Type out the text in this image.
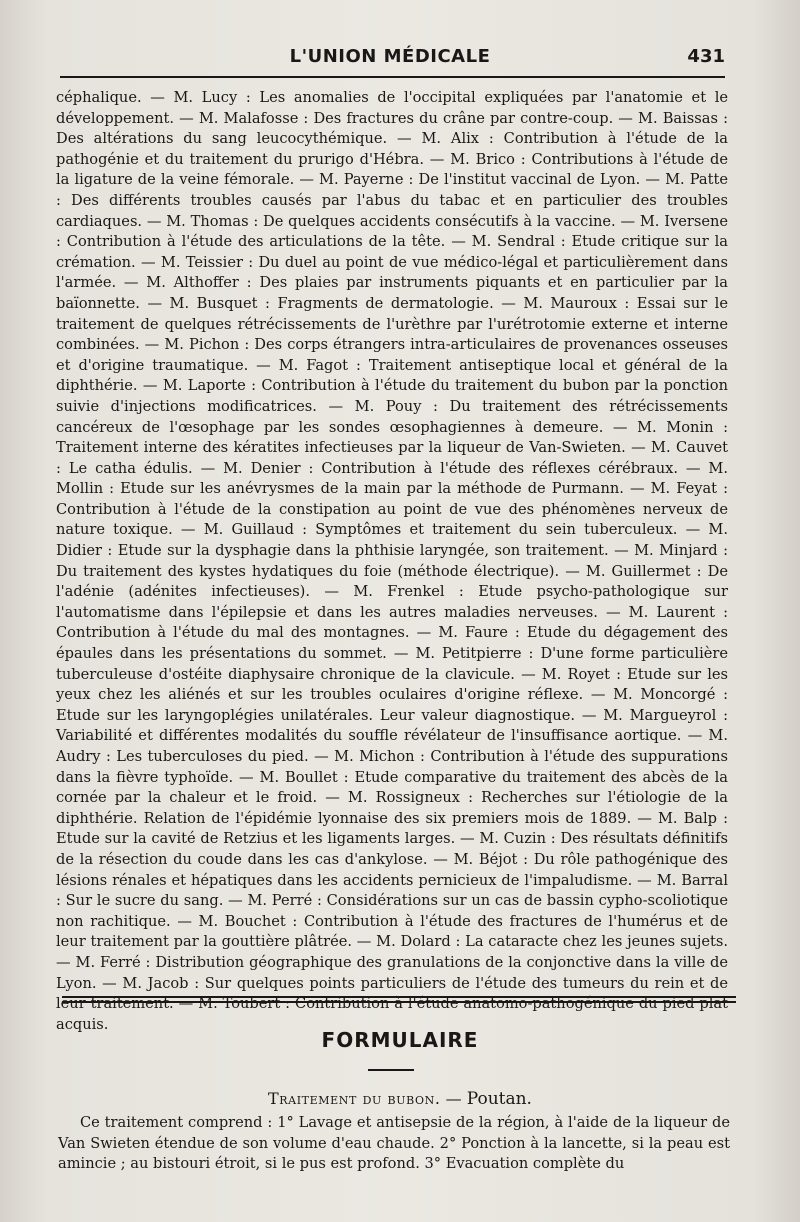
L'UNION MÉDICALE	431
céphalique. — M. Lucy : Les anomalies de l'occipital expliquées par l'anatomie et le développement. — M. Malafosse : Des fractures du crâne par contre-coup. — M. Baissas : Des altérations du sang leucocythémique. — M. Alix : Contribution à l'étude de la pathogénie et du traitement du prurigo d'Hébra. — M. Brico : Contributions à l'étude de la ligature de la veine fémorale. — M. Payerne : De l'institut vaccinal de Lyon. — M. Patte : Des différents troubles causés par l'abus du tabac et en particulier des troubles cardiaques. — M. Thomas : De quelques accidents consécutifs à la vaccine. — M. Iversene : Contribution à l'étude des articulations de la tête. — M. Sendral : Etude critique sur la crémation. — M. Teissier : Du duel au point de vue médico-légal et particulièrement dans l'armée. — M. Althoffer : Des plaies par instruments piquants et en particulier par la baïonnette. — M. Busquet : Fragments de dermatologie. — M. Mauroux : Essai sur le traitement de quelques rétrécissements de l'urèthre par l'urétrotomie externe et interne combinées. — M. Pichon : Des corps étrangers intra-articulaires de provenances osseuses et d'origine traumatique. — M. Fagot : Traitement antiseptique local et général de la diphthérie. — M. Laporte : Contribution à l'étude du traitement du bubon par la ponction suivie d'injections modificatrices. — M. Pouy : Du traitement des rétrécissements cancéreux de l'œsophage par les sondes œsophagiennes à demeure. — M. Monin : Traitement interne des kératites infectieuses par la liqueur de Van-Swieten. — M. Cauvet : Le catha édulis. — M. Denier : Contribution à l'étude des réflexes cérébraux. — M. Mollin : Etude sur les anévrysmes de la main par la méthode de Purmann. — M. Feyat : Contribution à l'étude de la constipation au point de vue des phénomènes nerveux de nature toxique. — M. Guillaud : Symptômes et traitement du sein tuberculeux. — M. Didier : Etude sur la dysphagie dans la phthisie laryngée, son traitement. — M. Minjard : Du traitement des kystes hydatiques du foie (méthode électrique). — M. Guillermet : De l'adénie (adénites infectieuses). — M. Frenkel : Etude psycho-pathologique sur l'automatisme dans l'épilepsie et dans les autres maladies nerveuses. — M. Laurent : Contribution à l'étude du mal des montagnes. — M. Faure : Etude du dégagement des épaules dans les présentations du sommet. — M. Petitpierre : D'une forme particulière tuberculeuse d'ostéite diaphysaire chronique de la clavicule. — M. Royet : Etude sur les yeux chez les aliénés et sur les troubles oculaires d'origine réflexe. — M. Moncorgé : Etude sur les laryngoplégies unilatérales. Leur valeur diagnostique. — M. Margueyrol : Variabilité et différentes modalités du souffle révélateur de l'insuffisance aortique. — M. Audry : Les tuberculoses du pied. — M. Michon : Contribution à l'étude des suppurations dans la fièvre typhoïde. — M. Boullet : Etude comparative du traitement des abcès de la cornée par la chaleur et le froid. — M. Rossigneux : Recherches sur l'étiologie de la diphthérie. Relation de l'épidémie lyonnaise des six premiers mois de 1889. — M. Balp : Etude sur la cavité de Retzius et les ligaments larges. — M. Cuzin : Des résultats définitifs de la résection du coude dans les cas d'ankylose. — M. Béjot : Du rôle pathogénique des lésions rénales et hépatiques dans les accidents pernicieux de l'impaludisme. — M. Barral : Sur le sucre du sang. — M. Perré : Considérations sur un cas de bassin cypho-scoliotique non rachitique. — M. Bouchet : Contribution à l'étude des fractures de l'humérus et de leur traitement par la gouttière plâtrée. — M. Dolard : La cataracte chez les jeunes sujets. — M. Ferré : Distribution géographique des granulations de la conjonctive dans la ville de Lyon. — M. Jacob : Sur quelques points particuliers de l'étude des tumeurs du rein et de leur traitement. — M. Toubert : Contribution à l'étude anatomo-pathogénique du pied plat acquis.
FORMULAIRE
Traitement du bubon. — Poutan.
Ce traitement comprend : 1° Lavage et antisepsie de la région, à l'aide de la liqueur de Van Swieten étendue de son volume d'eau chaude. 2° Ponction à la lancette, si la peau est amincie ; au bistouri étroit, si le pus est profond. 3° Evacuation complète du
